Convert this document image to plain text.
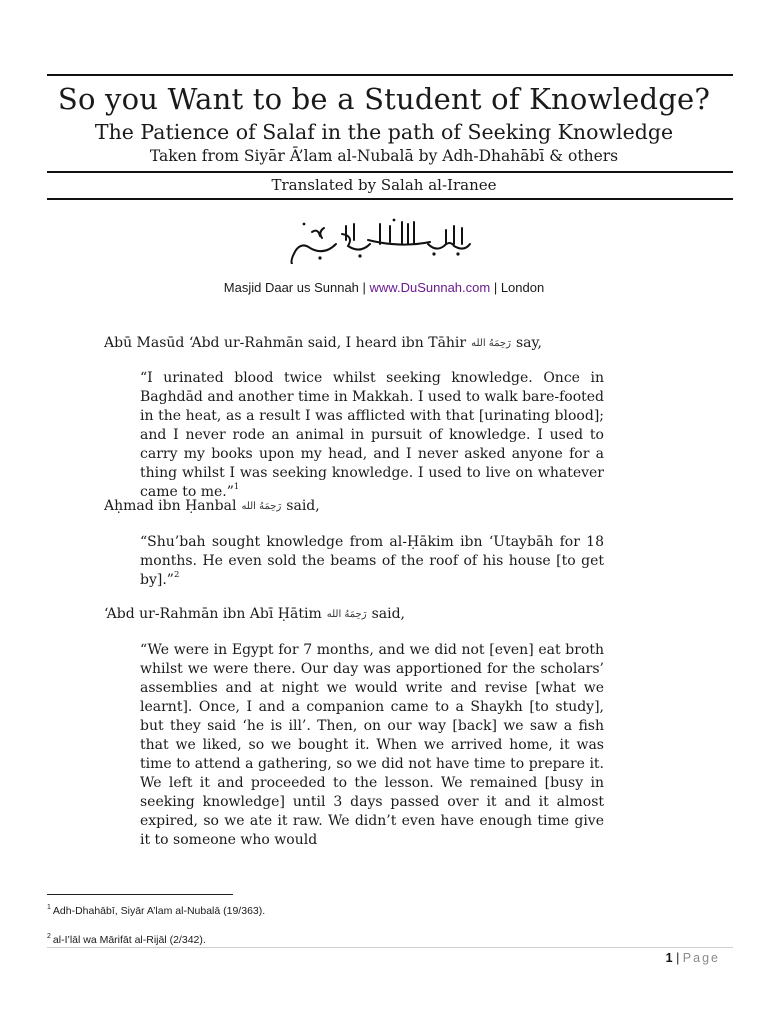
So you Want to be a Student of Knowledge?
The Patience of Salaf in the path of Seeking Knowledge
Taken from Siyār Ā’lam al-Nubalā by Adh-Dhahābī & others
Translated by Salah al-Iranee
بسم الله الرحمن الرحيم
Masjid Daar us Sunnah | www.DuSunnah.com | London
Abū Masūd ‘Abd ur-Rahmān said, I heard ibn Tāhir رَحِمَهُ الله say,
“I urinated blood twice whilst seeking knowledge. Once in Baghdād and another time in Makkah. I used to walk bare-footed in the heat, as a result I was afflicted with that [urinating blood]; and I never rode an animal in pursuit of knowledge. I used to carry my books upon my head, and I never asked anyone for a thing whilst I was seeking knowledge. I used to live on whatever came to me.”$^1$
Aḥmad ibn Ḥanbal رَحِمَهُ الله said,
“Shu’bah sought knowledge from al-Ḥākim ibn ‘Utaybāh for 18 months. He even sold the beams of the roof of his house [to get by].”$^2$
‘Abd ur-Rahmān ibn Abī Ḥātim رَحِمَهُ الله said,
“We were in Egypt for 7 months, and we did not [even] eat broth whilst we were there. Our day was apportioned for the scholars’ assemblies and at night we would write and revise [what we learnt]. Once, I and a companion came to a Shaykh [to study], but they said ‘he is ill’. Then, on our way [back] we saw a fish that we liked, so we bought it. When we arrived home, it was time to attend a gathering, so we did not have time to prepare it. We left it and proceeded to the lesson. We remained [busy in seeking knowledge] until 3 days passed over it and it almost expired, so we ate it raw. We didn’t even have enough time give it to someone who would
$^1$ Adh-Dhahābī, Siyār A’lam al-Nubalā (19/363).
$^2$ al-I’lāl wa Mārifāt al-Rijāl (2/342).
1 | Page
